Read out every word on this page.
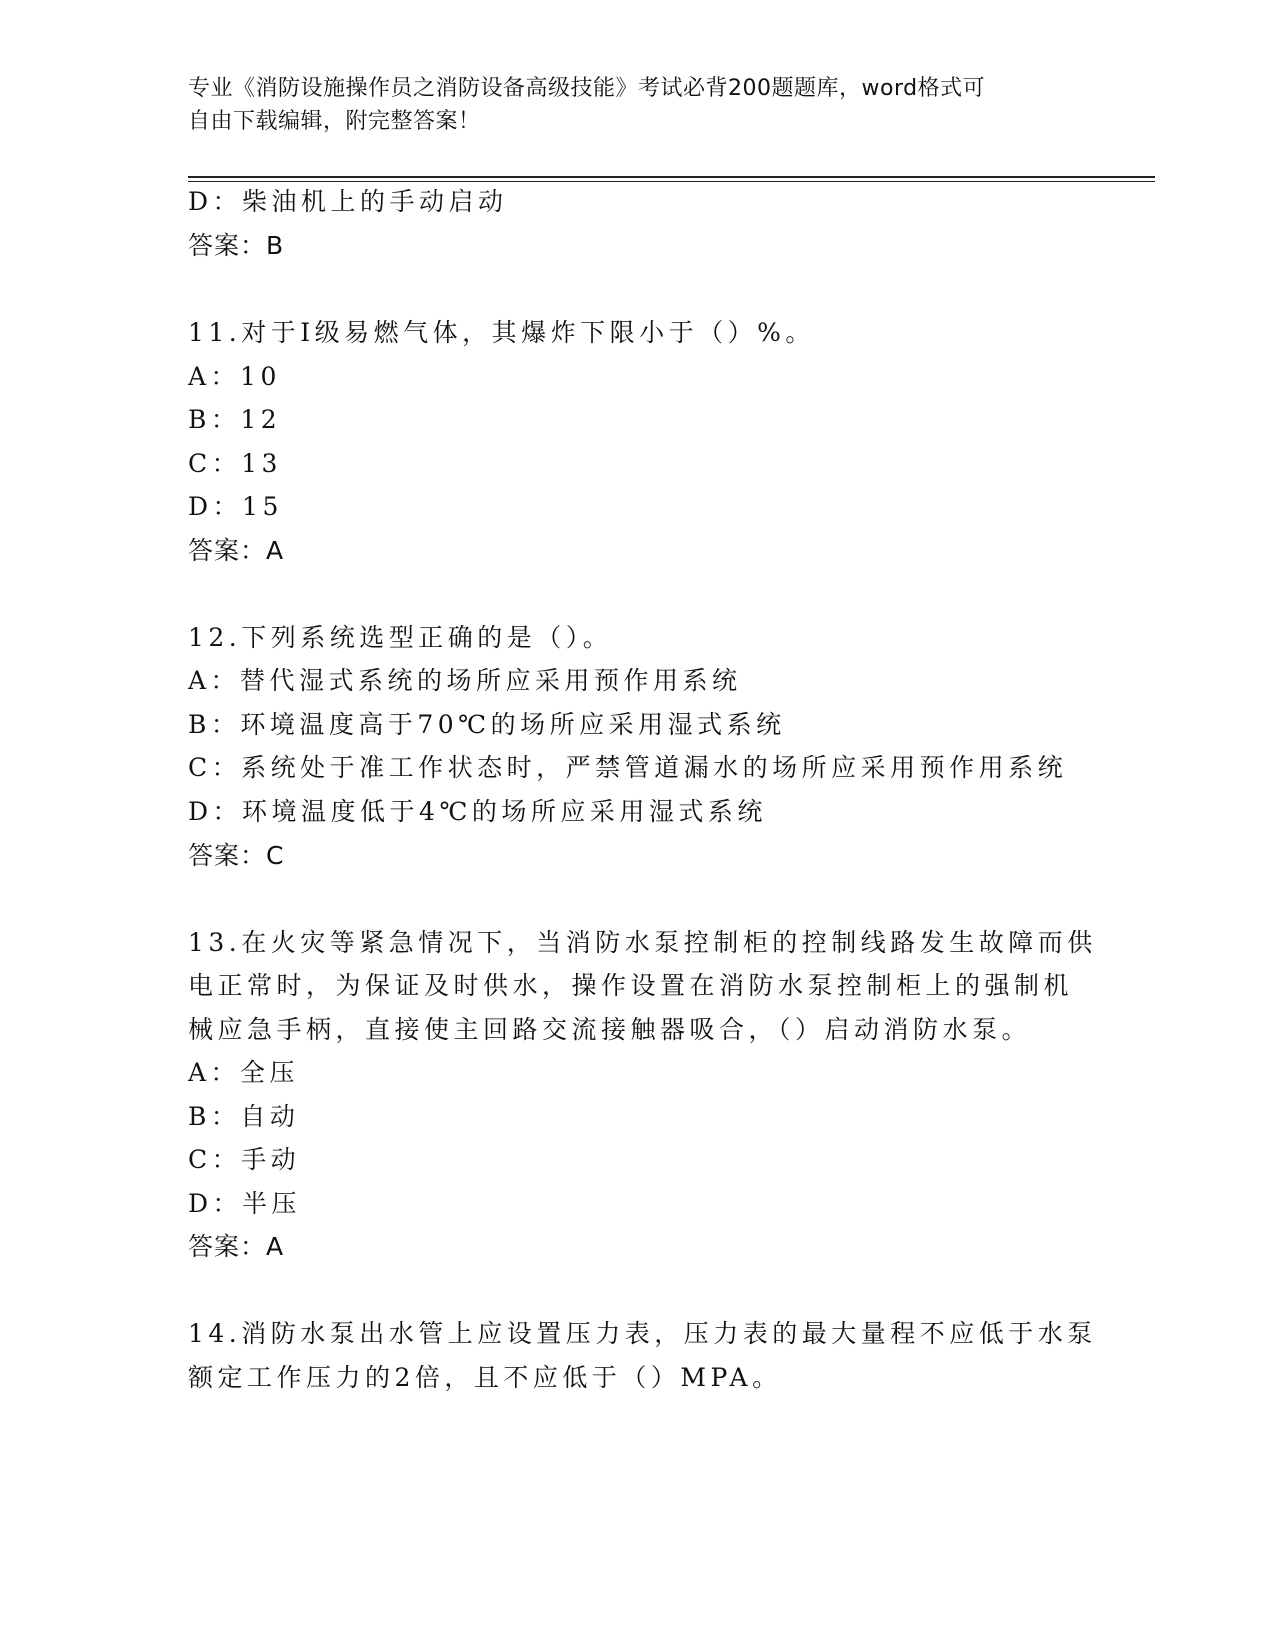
专业《消防设施操作员之消防设备高级技能》考试必背200题题库，word格式可
自由下载编辑，附完整答案！
D：柴油机上的手动启动
答案：B
11.对于Ⅰ级易燃气体，其爆炸下限小于（）%。
A：10
B：12
C：13
D：15
答案：A
12.下列系统选型正确的是（）。
A：替代湿式系统的场所应采用预作用系统
B：环境温度高于70℃的场所应采用湿式系统
C：系统处于准工作状态时，严禁管道漏水的场所应采用预作用系统
D：环境温度低于4℃的场所应采用湿式系统
答案：C
13.在火灾等紧急情况下，当消防水泵控制柜的控制线路发生故障而供
电正常时，为保证及时供水，操作设置在消防水泵控制柜上的强制机
械应急手柄，直接使主回路交流接触器吸合，（）启动消防水泵。
A：全压
B：自动
C：手动
D：半压
答案：A
14.消防水泵出水管上应设置压力表，压力表的最大量程不应低于水泵
额定工作压力的2倍，且不应低于（）MPA。
